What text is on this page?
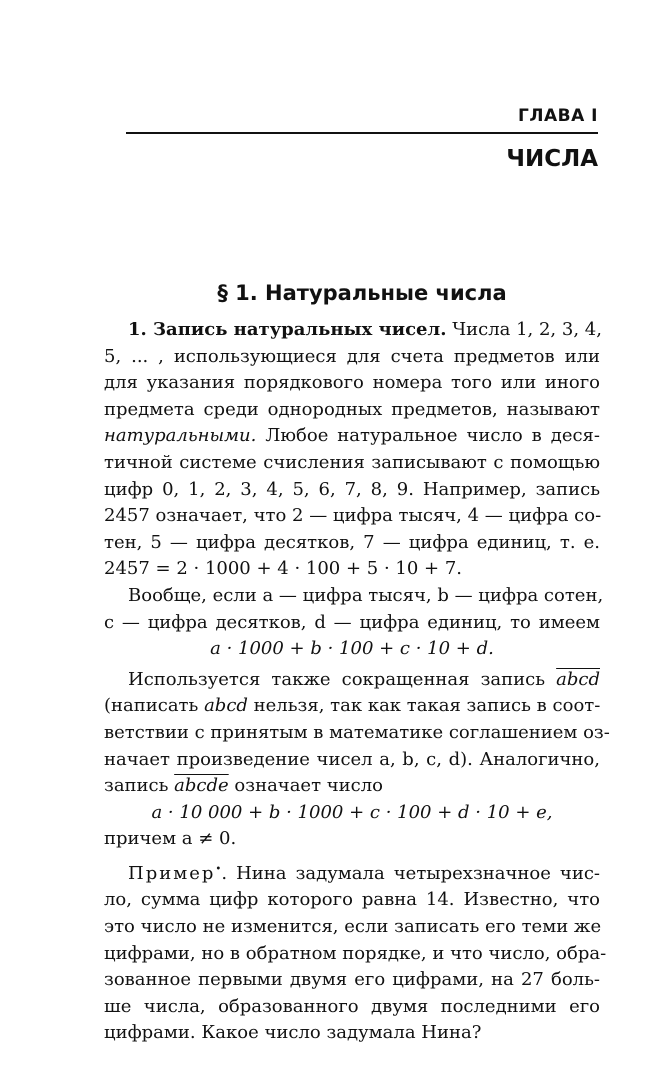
ГЛАВА I
ЧИСЛА
§ 1. Натуральные числа
1. Запись натуральных чисел. Числа 1, 2, 3, 4,
5, ... , использующиеся для счета предметов или
для указания порядкового номера того или иного
предмета среди однородных предметов, называют
натуральными. Любое натуральное число в деся-
тичной системе счисления записывают с помощью
цифр 0, 1, 2, 3, 4, 5, 6, 7, 8, 9. Например, запись
2457 означает, что 2 — цифра тысяч, 4 — цифра со-
тен, 5 — цифра десятков, 7 — цифра единиц, т. е.
2457 = 2 · 1000 + 4 · 100 + 5 · 10 + 7.
Вообще, если a — цифра тысяч, b — цифра сотен,
c — цифра десятков, d — цифра единиц, то имеем
a · 1000 + b · 100 + c · 10 + d.
Используется также сокращенная запись abcd
(написать abcd нельзя, так как такая запись в соот-
ветствии с принятым в математике соглашением оз-
начает произведение чисел a, b, c, d). Аналогично,
запись abcde означает число
a · 10 000 + b · 1000 + c · 100 + d · 10 + e,
причем a ≠ 0.
Пример•. Нина задумала четырехзначное чис-
ло, сумма цифр которого равна 14. Известно, что
это число не изменится, если записать его теми же
цифрами, но в обратном порядке, и что число, обра-
зованное первыми двумя его цифрами, на 27 боль-
ше числа, образованного двумя последними его
цифрами. Какое число задумала Нина?
